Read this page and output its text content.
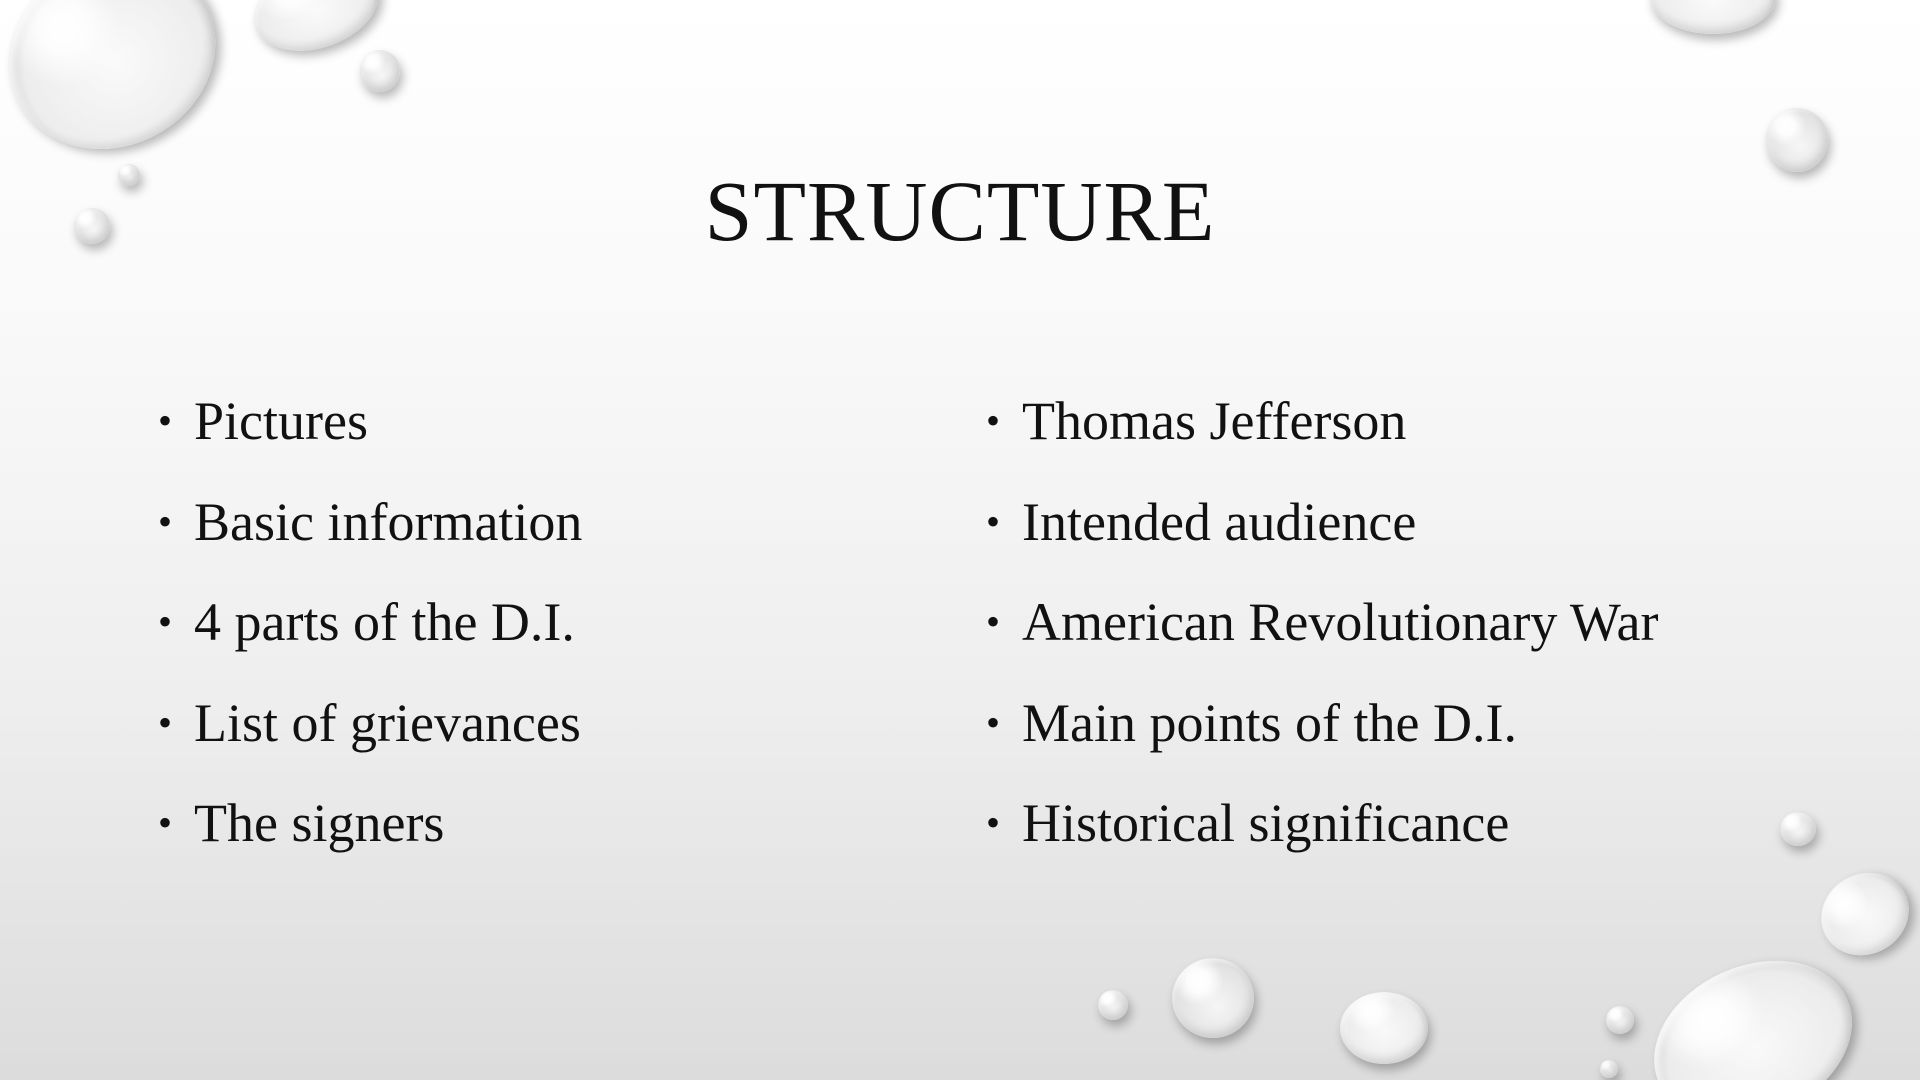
STRUCTURE
• Pictures
• Basic information
• 4 parts of the D.I.
• List of grievances
• The signers
• Thomas Jefferson
• Intended audience
• American Revolutionary War
• Main points of the D.I.
• Historical significance
